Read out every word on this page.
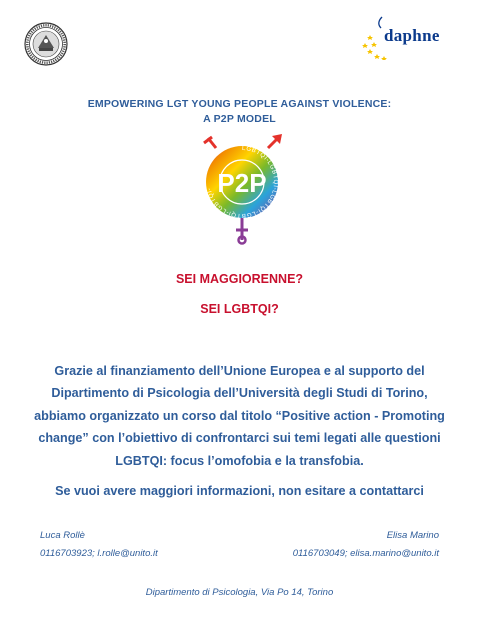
daphne
EMPOWERING LGT YOUNG PEOPLE AGAINST VIOLENCE:
A P2P MODEL
LGBTQI-LGBTQI-LGBTQI-LGBTQI-LGBTQI- P2P
SEI MAGGIORENNE?
SEI LGBTQI?
Grazie al finanziamento dell’Unione Europea e al supporto del Dipartimento di Psicologia dell’Università degli Studi di Torino, abbiamo organizzato un corso dal titolo “Positive action - Promoting change” con l’obiettivo di confrontarci sui temi legati alle questioni LGBTQI: focus l’omofobia e la transfobia.
Se vuoi avere maggiori informazioni, non esitare a contattarci
Luca Rollè
0116703923; l.rolle@unito.it
Elisa Marino
0116703049; elisa.marino@unito.it
Dipartimento di Psicologia, Via Po 14, Torino
